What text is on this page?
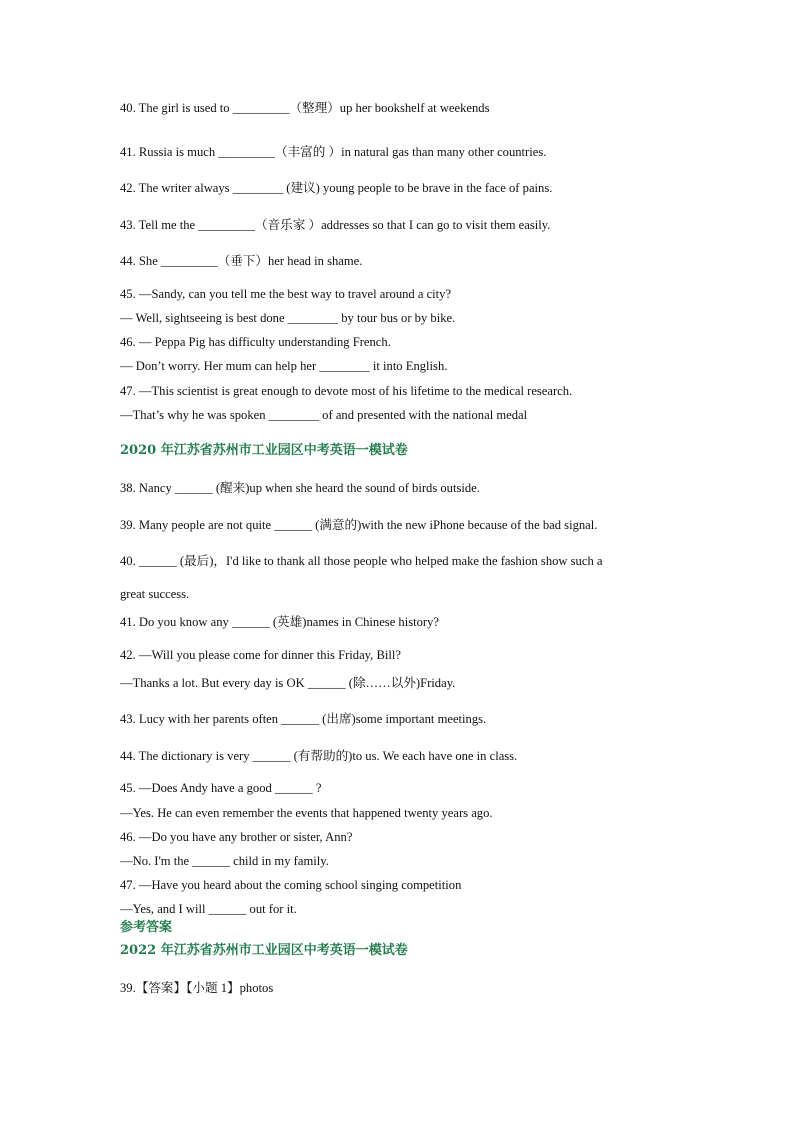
40. The girl is used to _________（整理）up her bookshelf at weekends
41. Russia is much _________（丰富的 ）in natural gas than many other countries.
42. The writer always ________ (建议) young people to be brave in the face of pains.
43. Tell me the _________（音乐家 ）addresses so that I can go to visit them easily.
44. She _________（垂下）her head in shame.
45. —Sandy, can you tell me the best way to travel around a city?
— Well, sightseeing is best done ________ by tour bus or by bike.
46. — Peppa Pig has difficulty understanding French.
— Don’t worry. Her mum can help her ________ it into English.
47. —This scientist is great enough to devote most of his lifetime to the medical research.
—That’s why he was spoken ________ of and presented with the national medal
2020 年江苏省苏州市工业园区中考英语一模试卷
38. Nancy ______ (醒来)up when she heard the sound of birds outside.
39. Many people are not quite ______ (满意的)with the new iPhone because of the bad signal.
40. ______ (最后)，I'd like to thank all those people who helped make the fashion show such a
great success.
41. Do you know any ______ (英雄)names in Chinese history?
42. —Will you please come for dinner this Friday, Bill?
—Thanks a lot. But every day is OK ______ (除……以外)Friday.
43. Lucy with her parents often ______ (出席)some important meetings.
44. The dictionary is very ______ (有帮助的)to us. We each have one in class.
45. —Does Andy have a good ______ ?
—Yes. He can even remember the events that happened twenty years ago.
46. —Do you have any brother or sister, Ann?
—No. I'm the ______ child in my family.
47. —Have you heard about the coming school singing competition
—Yes, and I will ______ out for it.
参考答案
2022 年江苏省苏州市工业园区中考英语一模试卷
39.【答案】【小题 1】photos
